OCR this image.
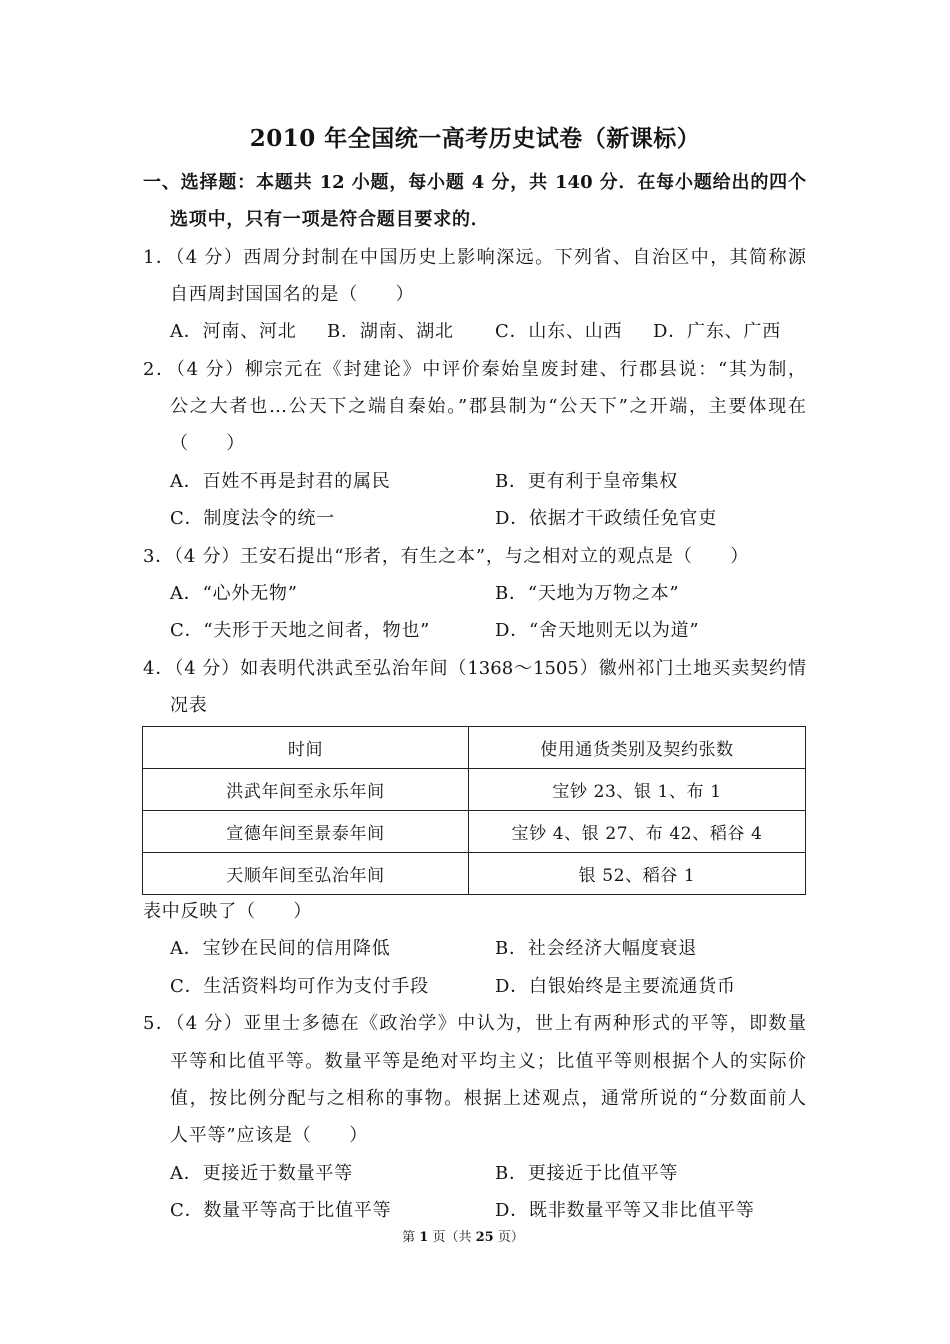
2010 年全国统一高考历史试卷（新课标）
一、选择题：本题共 12 小题，每小题 4 分，共 140 分．在每小题给出的四个
选项中，只有一项是符合题目要求的．
1．（4 分）西周分封制在中国历史上影响深远。下列省、自治区中，其简称源
自西周封国国名的是（　　）
A．河南、河北 B．湖南、湖北 C．山东、山西 D．广东、广西
2．（4 分）柳宗元在《封建论》中评价秦始皇废封建、行郡县说：“其为制，
公之大者也…公天下之端自秦始。”郡县制为“公天下”之开端，主要体现在
（　　）
A．百姓不再是封君的属民	B．更有利于皇帝集权
C．制度法令的统一	D．依据才干政绩任免官吏
3．（4 分）王安石提出“形者，有生之本”，与之相对立的观点是（　　）
A．“心外无物”	B．“天地为万物之本”
C．“夫形于天地之间者，物也”	D．“舍天地则无以为道”
4．（4 分）如表明代洪武至弘治年间（1368～1505）徽州祁门土地买卖契约情
况表
时间	使用通货类别及契约张数
洪武年间至永乐年间	宝钞 23、银 1、布 1
宣德年间至景泰年间	宝钞 4、银 27、布 42、稻谷 4
天顺年间至弘治年间	银 52、稻谷 1
表中反映了（　　）
A．宝钞在民间的信用降低	B．社会经济大幅度衰退
C．生活资料均可作为支付手段	D．白银始终是主要流通货币
5．（4 分）亚里士多德在《政治学》中认为，世上有两种形式的平等，即数量
平等和比值平等。数量平等是绝对平均主义；比值平等则根据个人的实际价
值，按比例分配与之相称的事物。根据上述观点，通常所说的“分数面前人
人平等”应该是（　　）
A．更接近于数量平等	B．更接近于比值平等
C．数量平等高于比值平等	D．既非数量平等又非比值平等
第 1 页（共 25 页）
